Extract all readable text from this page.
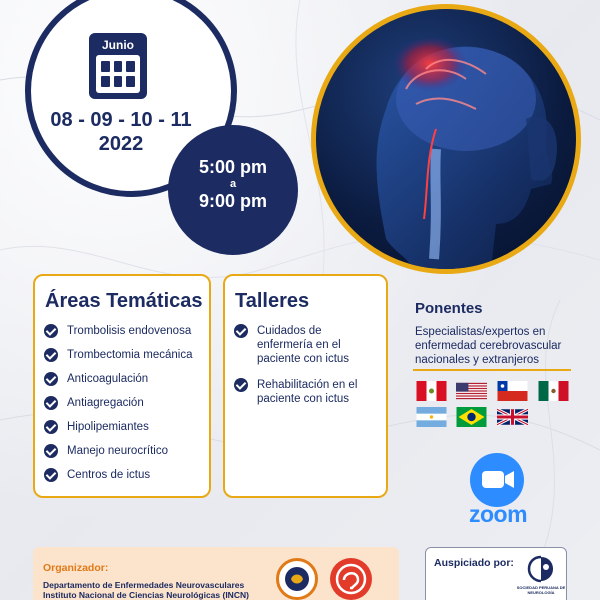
Junio
08 - 09 - 10 - 11
2022
5:00 pm
a
9:00 pm
Áreas Temáticas
Trombolisis endovenosa
Trombectomia mecánica
Anticoagulación
Antiagregación
Hipolipemiantes
Manejo neurocrítico
Centros de ictus
Talleres
Cuidados de enfermería en el paciente con ictus
Rehabilitación en el paciente con ictus
Ponentes
Especialistas/expertos en enfermedad cerebrovascular nacionales y extranjeros
zoom
Organizador:
Departamento de Enfermedades Neurovasculares
Instituto Nacional de Ciencias Neurológicas (INCN)
Auspiciado por:
SOCIEDAD PERUANA DE NEUROLOGÍA
